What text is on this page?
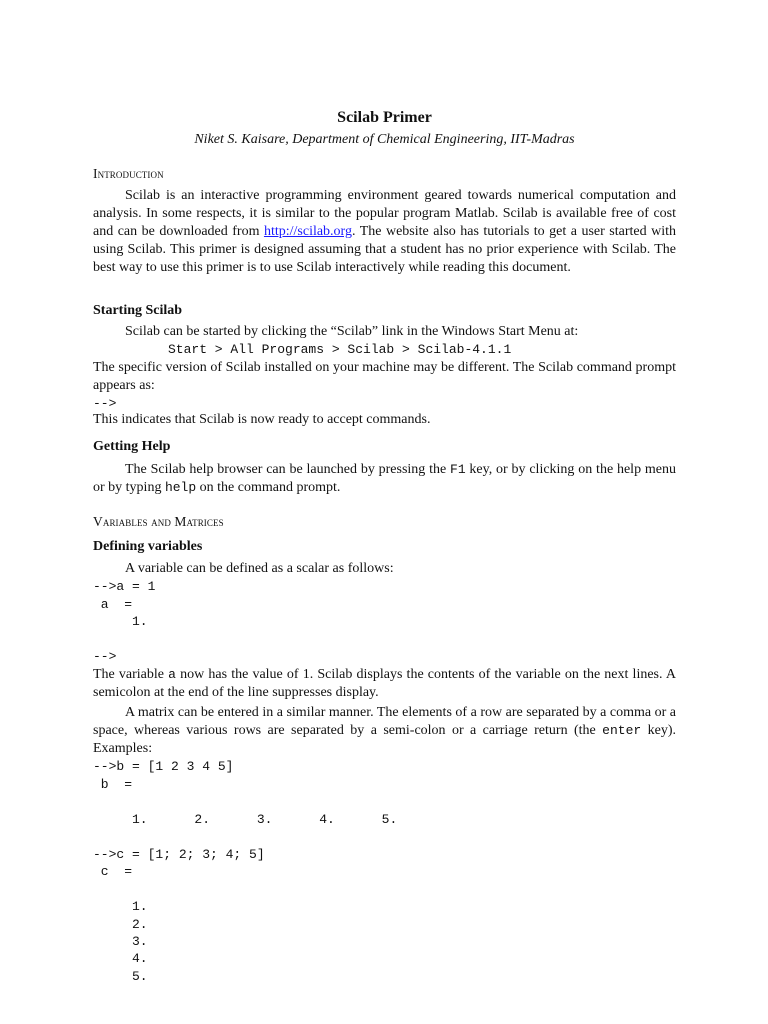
Scilab Primer
Niket S. Kaisare, Department of Chemical Engineering, IIT-Madras
Introduction
Scilab is an interactive programming environment geared towards numerical computation and analysis. In some respects, it is similar to the popular program Matlab. Scilab is available free of cost and can be downloaded from http://scilab.org. The website also has tutorials to get a user started with using Scilab. This primer is designed assuming that a student has no prior experience with Scilab. The best way to use this primer is to use Scilab interactively while reading this document.
Starting Scilab
Scilab can be started by clicking the “Scilab” link in the Windows Start Menu at:
Start > All Programs > Scilab > Scilab-4.1.1
The specific version of Scilab installed on your machine may be different. The Scilab command prompt appears as:
-->
This indicates that Scilab is now ready to accept commands.
Getting Help
The Scilab help browser can be launched by pressing the F1 key, or by clicking on the help menu or by typing help on the command prompt.
Variables and Matrices
Defining variables
A variable can be defined as a scalar as follows:
-->a = 1
a  =
1.
-->
The variable a now has the value of 1. Scilab displays the contents of the variable on the next lines. A semicolon at the end of the line suppresses display.
A matrix can be entered in a similar manner. The elements of a row are separated by a comma or a space, whereas various rows are separated by a semi-colon or a carriage return (the enter key). Examples:
-->b = [1 2 3 4 5]
b  =
1.      2.      3.      4.      5.
-->c = [1; 2; 3; 4; 5]
c  =
1.
2.
3.
4.
5.
